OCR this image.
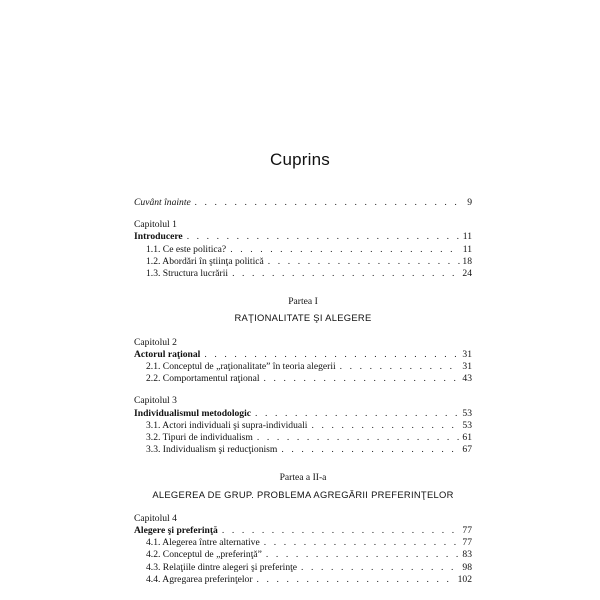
Cuprins
Cuvânt înainte . . .	9
Capitolul 1
Introducere . . .	11
1.1. Ce este politica? . . .	11
1.2. Abordări în ştiinţa politică . . .	18
1.3. Structura lucrării . . .	24
Partea I
RAŢIONALITATE ŞI ALEGERE
Capitolul 2
Actorul raţional . . .	31
2.1. Conceptul de „raţionalitate” în teoria alegerii . . .	31
2.2. Comportamentul raţional . . .	43
Capitolul 3
Individualismul metodologic . . .	53
3.1. Actori individuali şi supra-individuali . . .	53
3.2. Tipuri de individualism . . .	61
3.3. Individualism şi reducţionism . . .	67
Partea a II-a
ALEGEREA DE GRUP. PROBLEMA AGREGĂRII PREFERINŢELOR
Capitolul 4
Alegere şi preferinţă . . .	77
4.1. Alegerea între alternative . . .	77
4.2. Conceptul de „preferinţă” . . .	83
4.3. Relaţiile dintre alegeri şi preferinţe . . .	98
4.4. Agregarea preferinţelor . . .	102
